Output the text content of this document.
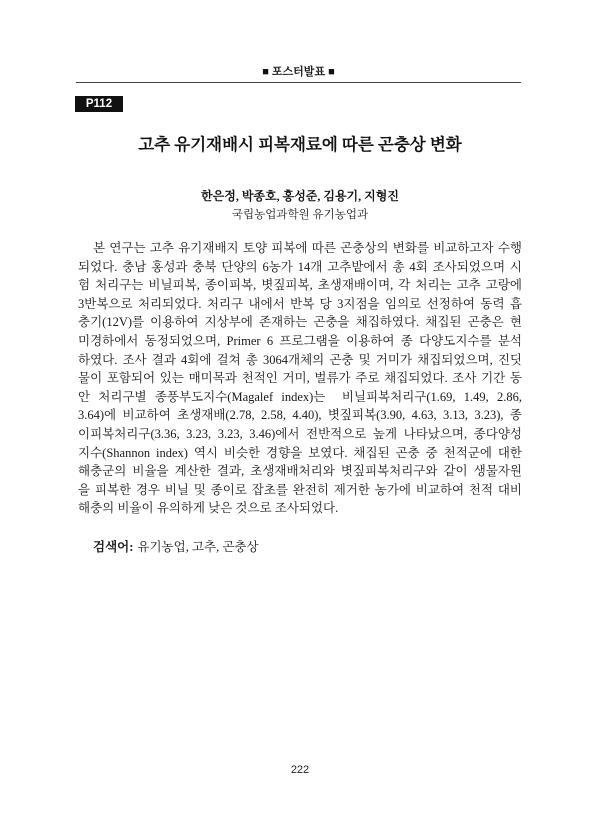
■ 포스터발표 ■
P112
고추 유기재배시 피복재료에 따른 곤충상 변화
한은정, 박종호, 홍성준, 김용기, 지형진
국립농업과학원 유기농업과
본 연구는 고추 유기재배지 토양 피복에 따른 곤충상의 변화를 비교하고자 수행
되었다. 충남 홍성과 충북 단양의 6농가 14개 고추밭에서 총 4회 조사되었으며 시
험 처리구는 비닐피복, 종이피복, 볏짚피복, 초생재배이며, 각 처리는 고추 고랑에
3반복으로 처리되었다. 처리구 내에서 반복 당 3지점을 임의로 선정하여 동력 흡
충기(12V)를 이용하여 지상부에 존재하는 곤충을 채집하였다. 채집된 곤충은 현
미경하에서 동정되었으며, Primer 6 프로그램을 이용하여 종 다양도지수를 분석
하였다. 조사 결과 4회에 걸쳐 총 3064개체의 곤충 및 거미가 채집되었으며, 진딧
물이 포함되어 있는 매미목과 천적인 거미, 벌류가 주로 채집되었다. 조사 기간 동
안 처리구별 종풍부도지수(Magalef index)는  비닐피복처리구(1.69, 1.49, 2.86,
3.64)에 비교하여 초생재배(2.78, 2.58, 4.40), 볏짚피복(3.90, 4.63, 3.13, 3.23), 종
이피복처리구(3.36, 3.23, 3.23, 3.46)에서 전반적으로 높게 나타났으며, 종다양성
지수(Shannon index) 역시 비슷한 경향을 보였다. 채집된 곤충 중 천적군에 대한
해충군의 비율을 계산한 결과, 초생재배처리와 볏짚피복처리구와 같이 생물자원
을 피복한 경우 비닐 및 종이로 잡초를 완전히 제거한 농가에 비교하여 천적 대비
해충의 비율이 유의하게 낮은 것으로 조사되었다.
검색어: 유기농업, 고추, 곤충상
222
